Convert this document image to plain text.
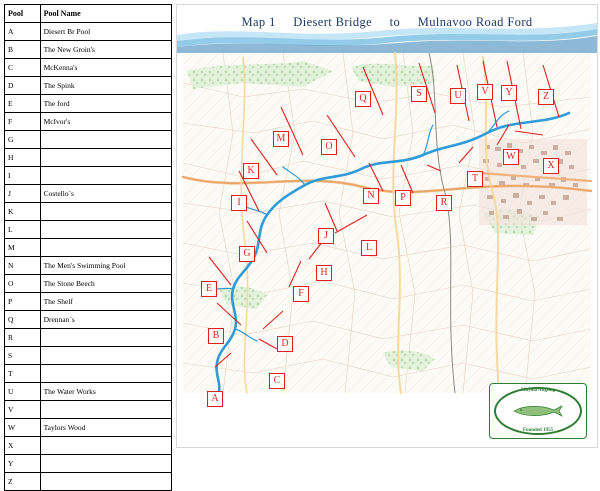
Pool	Pool Name
A	Diesert Br Pool
B	The New Groin's
C	McKenna's
D	The Spink
E	The ford
F	McIvor's
G	
H	
I	
J	Costello`s
K	
L	
M	
N	The Men's Swimming Pool
O	The Stone Beech
P	The Shelf
Q	Drennan`s
R	
S	
T	
U	The Water Works
V	
W	Taylors Wood
X	
Y	
Z	
Map 1 Diesert Bridge to Mulnavoo Road Ford
.
.
.
Q	S	U	V	Y	Z
M
O
X
K
T
W
N	P	R
I
J
L
G
H
E	F
B
D
C
A
Moyola Angling
Founded 1955
